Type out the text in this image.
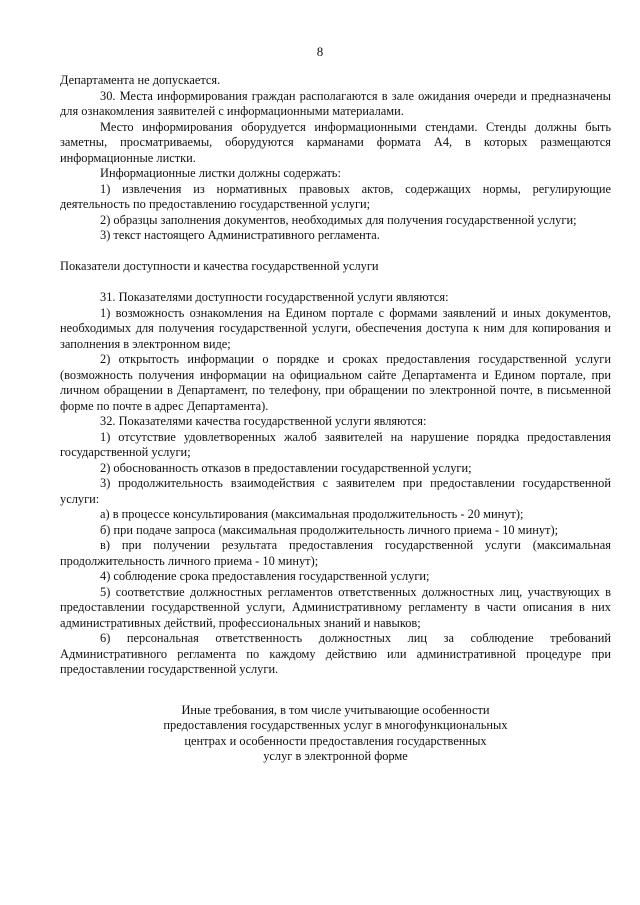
8

Департамента не допускается.

30. Места информирования граждан располагаются в зале ожидания очереди и предназначены для ознакомления заявителей с информационными материалами.

Место информирования оборудуется информационными стендами. Стенды должны быть заметны, просматриваемы, оборудуются карманами формата А4, в которых размещаются информационные листки.

Информационные листки должны содержать:

1) извлечения из нормативных правовых актов, содержащих нормы, регулирующие деятельность по предоставлению государственной услуги;

2) образцы заполнения документов, необходимых для получения государственной услуги;

3) текст настоящего Административного регламента.

Показатели доступности и качества государственной услуги

31. Показателями доступности государственной услуги являются:

1) возможность ознакомления на Едином портале с формами заявлений и иных документов, необходимых для получения государственной услуги, обеспечения доступа к ним для копирования и заполнения в электронном виде;

2) открытость информации о порядке и сроках предоставления государственной услуги (возможность получения информации на официальном сайте Департамента и Едином портале, при личном обращении в Департамент, по телефону, при обращении по электронной почте, в письменной форме по почте в адрес Департамента).

32. Показателями качества государственной услуги являются:

1) отсутствие удовлетворенных жалоб заявителей на нарушение порядка предоставления государственной услуги;

2) обоснованность отказов в предоставлении государственной услуги;

3) продолжительность взаимодействия с заявителем при предоставлении государственной услуги:

а) в процессе консультирования (максимальная продолжительность - 20 минут);

б) при подаче запроса (максимальная продолжительность личного приема - 10 минут);

в) при получении результата предоставления государственной услуги (максимальная продолжительность личного приема - 10 минут);

4) соблюдение срока предоставления государственной услуги;

5) соответствие должностных регламентов ответственных должностных лиц, участвующих в предоставлении государственной услуги, Административному регламенту в части описания в них административных действий, профессиональных знаний и навыков;

6) персональная ответственность должностных лиц за соблюдение требований Административного регламента по каждому действию или административной процедуре при предоставлении государственной услуги.

Иные требования, в том числе учитывающие особенности
предоставления государственных услуг в многофункциональных
центрах и особенности предоставления государственных
услуг в электронной форме
